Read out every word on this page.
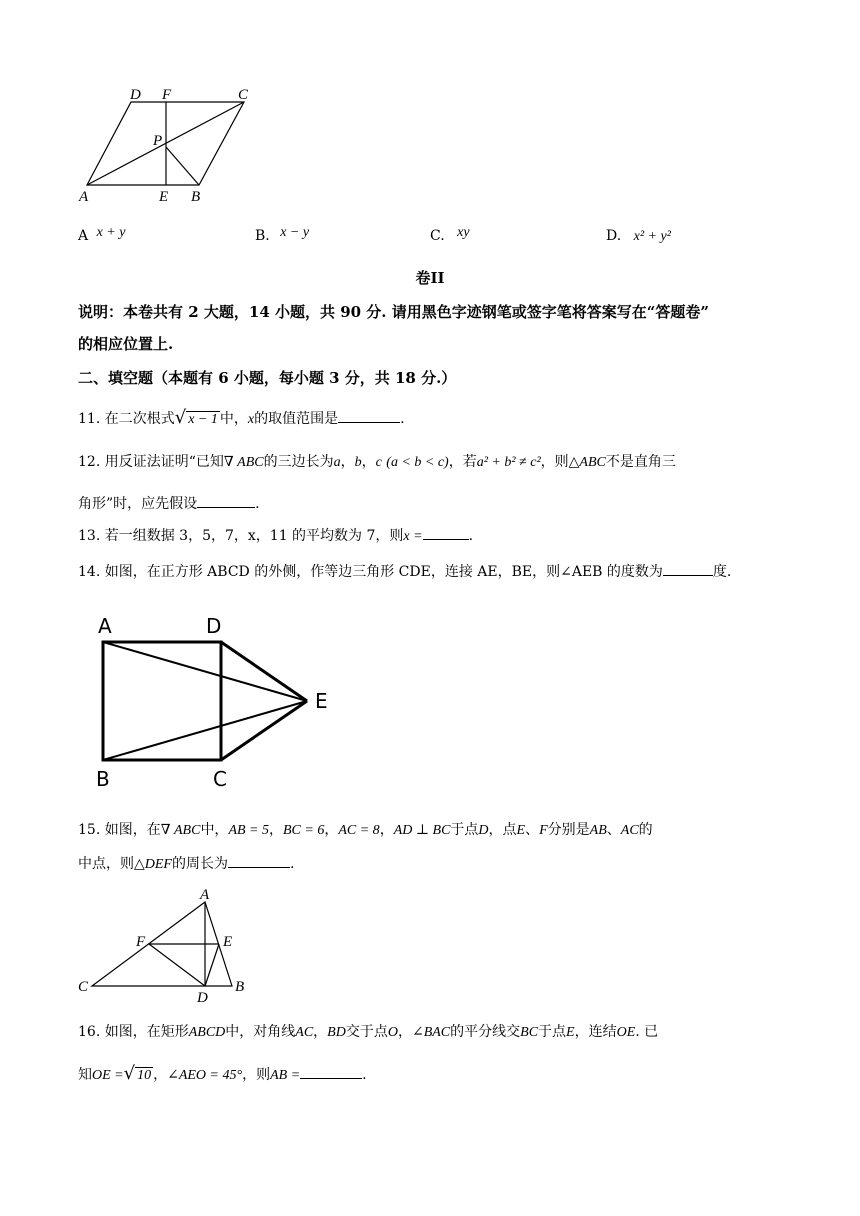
D F	C
P
A	E B
A x + y	B. x − y	C. xy	D. x² + y²
卷II
说明：本卷共有 2 大题，14 小题，共 90 分. 请用黑色字迹钢笔或签字笔将答案写在“答题卷”
的相应位置上.
二、填空题（本题有 6 小题，每小题 3 分，共 18 分.）
11. 在二次根式√ x − 1 中，x的取值范围是	.
12. 用反证法证明“已知∇ ABC的三边长为a，b，c (a < b < c)，若a² + b² ≠ c²，则△ABC不是直角三
角形”时，应先假设	.
13. 若一组数据 3，5，7，x，11 的平均数为 7，则x =	.
14. 如图，在正方形 ABCD 的外侧，作等边三角形 CDE，连接 AE，BE，则∠AEB 的度数为	度.
A	D
E
B	C
15. 如图，在∇ ABC中，AB = 5，BC = 6，AC = 8，AD ⊥ BC于点D，点E、F分别是AB、AC的
中点，则△DEF的周长为	.
A
F	E
C
D
B
16. 如图，在矩形ABCD中，对角线AC，BD交于点O，∠BAC的平分线交BC于点E，连结OE. 已
知OE =√ 10 ，∠AEO = 45°，则AB =	.
